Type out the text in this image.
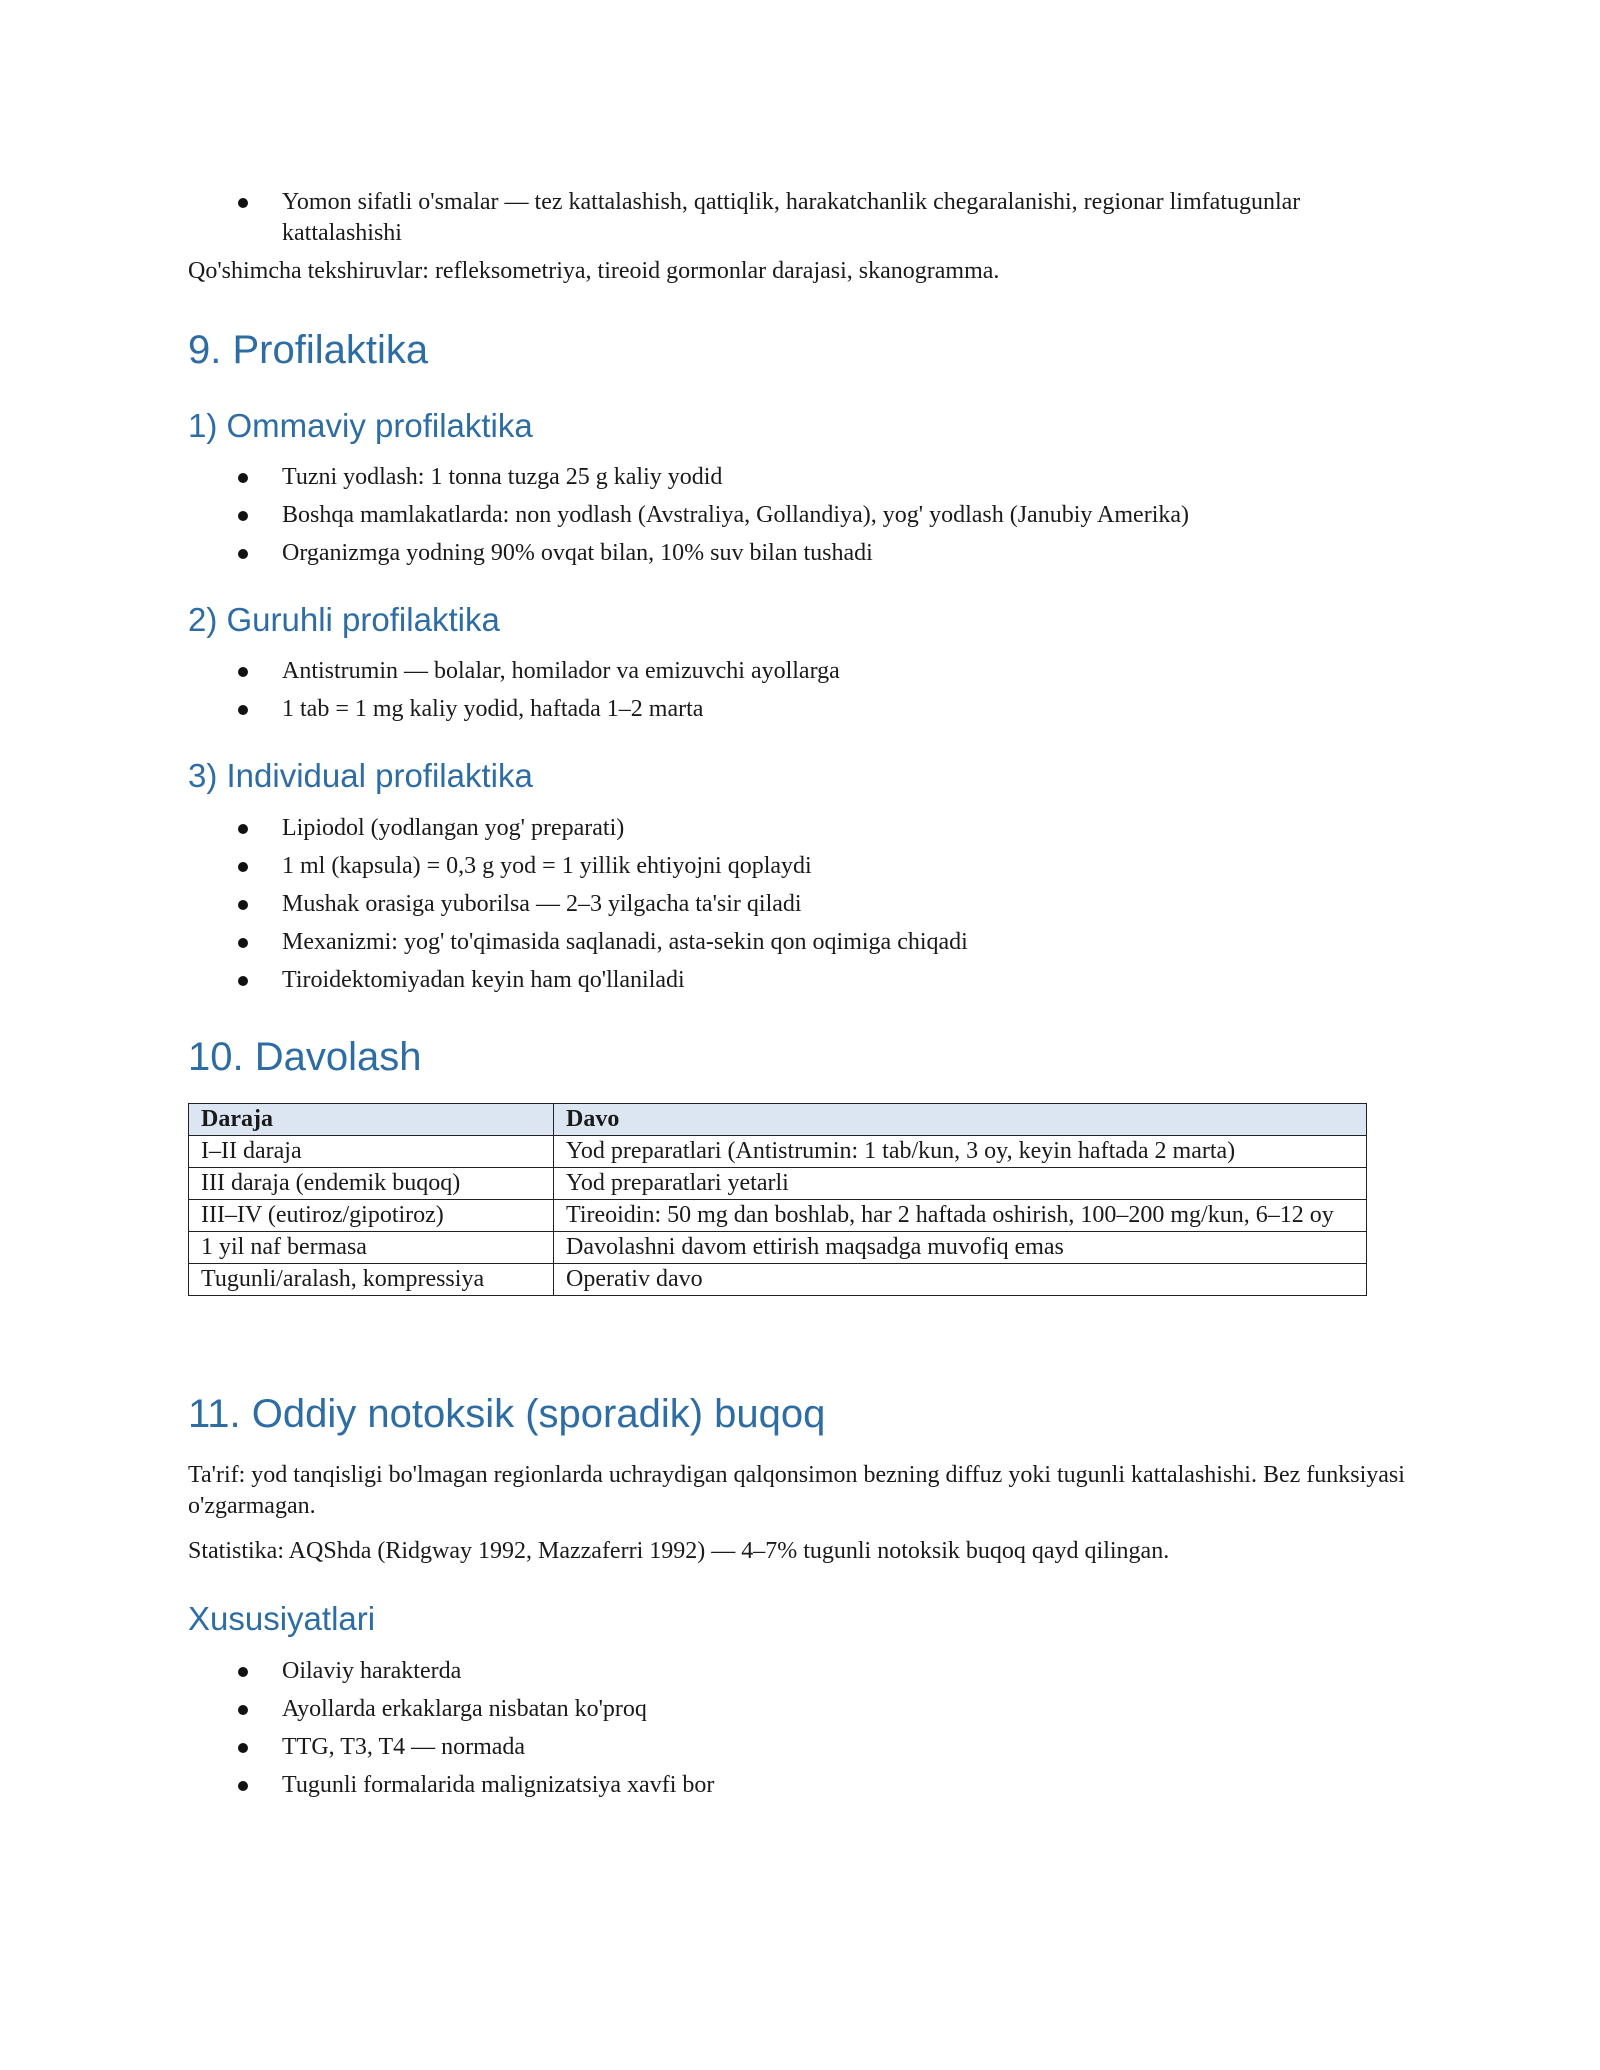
Yomon sifatli o'smalar — tez kattalashish, qattiqlik, harakatchanlik chegaralanishi, regionar limfatugunlar kattalashishi

Qo'shimcha tekshiruvlar: refleksometriya, tireoid gormonlar darajasi, skanogramma.

9. Profilaktika
1) Ommaviy profilaktika
Tuzni yodlash: 1 tonna tuzga 25 g kaliy yodid
Boshqa mamlakatlarda: non yodlash (Avstraliya, Gollandiya), yog' yodlash (Janubiy Amerika)
Organizmga yodning 90% ovqat bilan, 10% suv bilan tushadi
2) Guruhli profilaktika
Antistrumin — bolalar, homilador va emizuvchi ayollarga
1 tab = 1 mg kaliy yodid, haftada 1–2 marta
3) Individual profilaktika
Lipiodol (yodlangan yog' preparati)
1 ml (kapsula) = 0,3 g yod = 1 yillik ehtiyojni qoplaydi
Mushak orasiga yuborilsa — 2–3 yilgacha ta'sir qiladi
Mexanizmi: yog' to'qimasida saqlanadi, asta-sekin qon oqimiga chiqadi
Tiroidektomiyadan keyin ham qo'llaniladi
10. Davolash
Daraja	Davo
I–II daraja	Yod preparatlari (Antistrumin: 1 tab/kun, 3 oy, keyin haftada 2 marta)
III daraja (endemik buqoq)	Yod preparatlari yetarli
III–IV (eutiroz/gipotiroz)	Tireoidin: 50 mg dan boshlab, har 2 haftada oshirish, 100–200 mg/kun, 6–12 oy
1 yil naf bermasa	Davolashni davom ettirish maqsadga muvofiq emas
Tugunli/aralash, kompressiya	Operativ davo
11. Oddiy notoksik (sporadik) buqoq

Ta'rif: yod tanqisligi bo'lmagan regionlarda uchraydigan qalqonsimon bezning diffuz yoki tugunli kattalashishi. Bez funksiyasi o'zgarmagan.

Statistika: AQShda (Ridgway 1992, Mazzaferri 1992) — 4–7% tugunli notoksik buqoq qayd qilingan.

Xususiyatlari
Oilaviy harakterda
Ayollarda erkaklarga nisbatan ko'proq
TTG, T3, T4 — normada
Tugunli formalarida malignizatsiya xavfi bor
